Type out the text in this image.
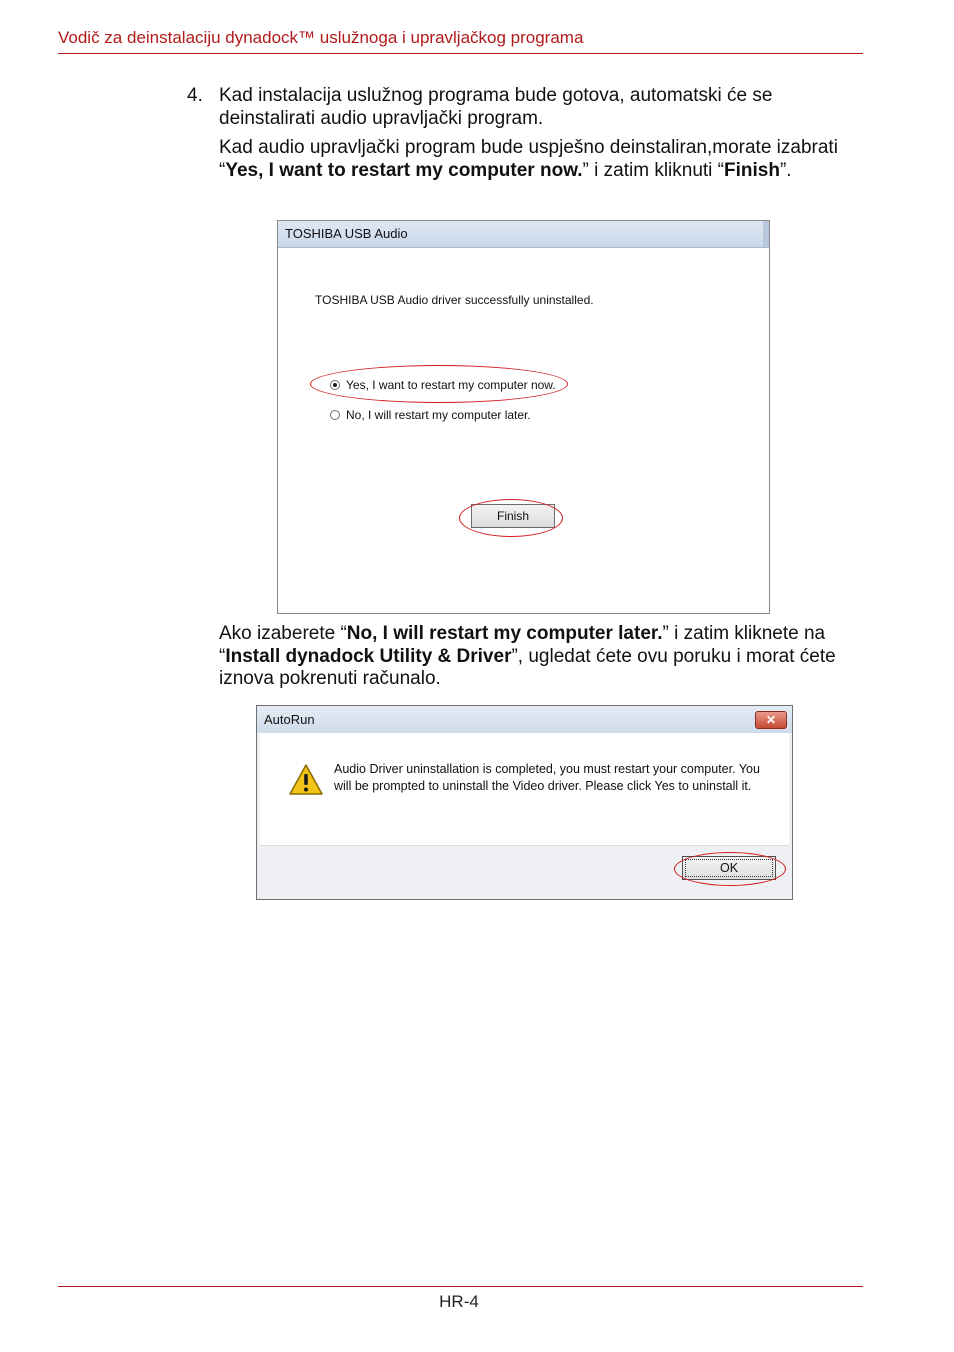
Vodič za deinstalaciju dynadock™ uslužnoga i upravljačkog programa
4. Kad instalacija uslužnog programa bude gotova, automatski će se deinstalirati audio upravljački program.
Kad audio upravljački program bude uspješno deinstaliran,morate izabrati “Yes, I want to restart my computer now.” i zatim kliknuti “Finish”.
TOSHIBA USB Audio
TOSHIBA USB Audio driver successfully uninstalled.
Yes, I want to restart my computer now.
No, I will restart my computer later.
Finish
Ako izaberete “No, I will restart my computer later.” i zatim kliknete na “Install dynadock Utility & Driver”, ugledat ćete ovu poruku i morat ćete iznova pokrenuti računalo.
AutoRun	✕
Audio Driver uninstallation is completed, you must restart your computer. You will be prompted to uninstall the Video driver. Please click Yes to uninstall it.
OK
HR-4
